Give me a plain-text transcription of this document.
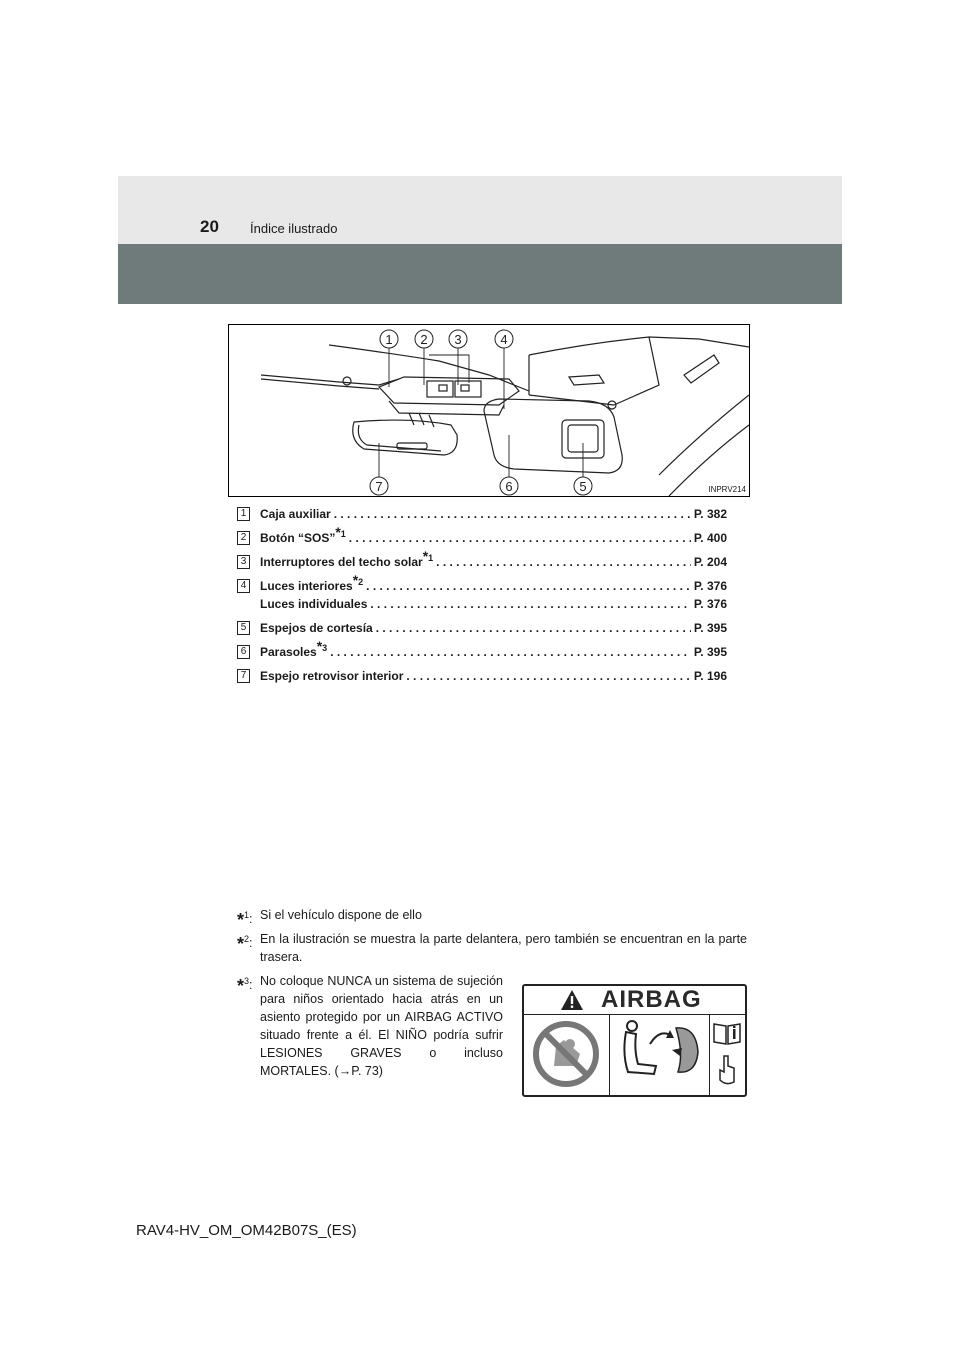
20 Índice ilustrado
1 2 3	4
5
6
7	INPRV214
1	Caja auxiliar . . .	P. 382
2	Botón “SOS”$^{*1}$ . . .	P. 400
3	Interruptores del techo solar$^{*1}$ . . .	P. 204
4	Luces interiores$^{*2}$ . . .	P. 376
Luces individuales . . .	P. 376
5	Espejos de cortesía . . .	P. 395
6	Parasoles$^{*3}$ . . .	P. 395
7	Espejo retrovisor interior . . .	P. 196
*$^1$: Si el vehículo dispone de ello
*$^2$: En la ilustración se muestra la parte delantera, pero también se encuentran en la parte trasera.
*$^3$: No coloque NUNCA un sistema de sujeción para niños orientado hacia atrás en un asiento protegido por un AIRBAG ACTIVO situado frente a él. El NIÑO podría sufrir LESIONES GRAVES o incluso MORTALES. (→P. 73)
AIRBAG
RAV4-HV_OM_OM42B07S_(ES)
